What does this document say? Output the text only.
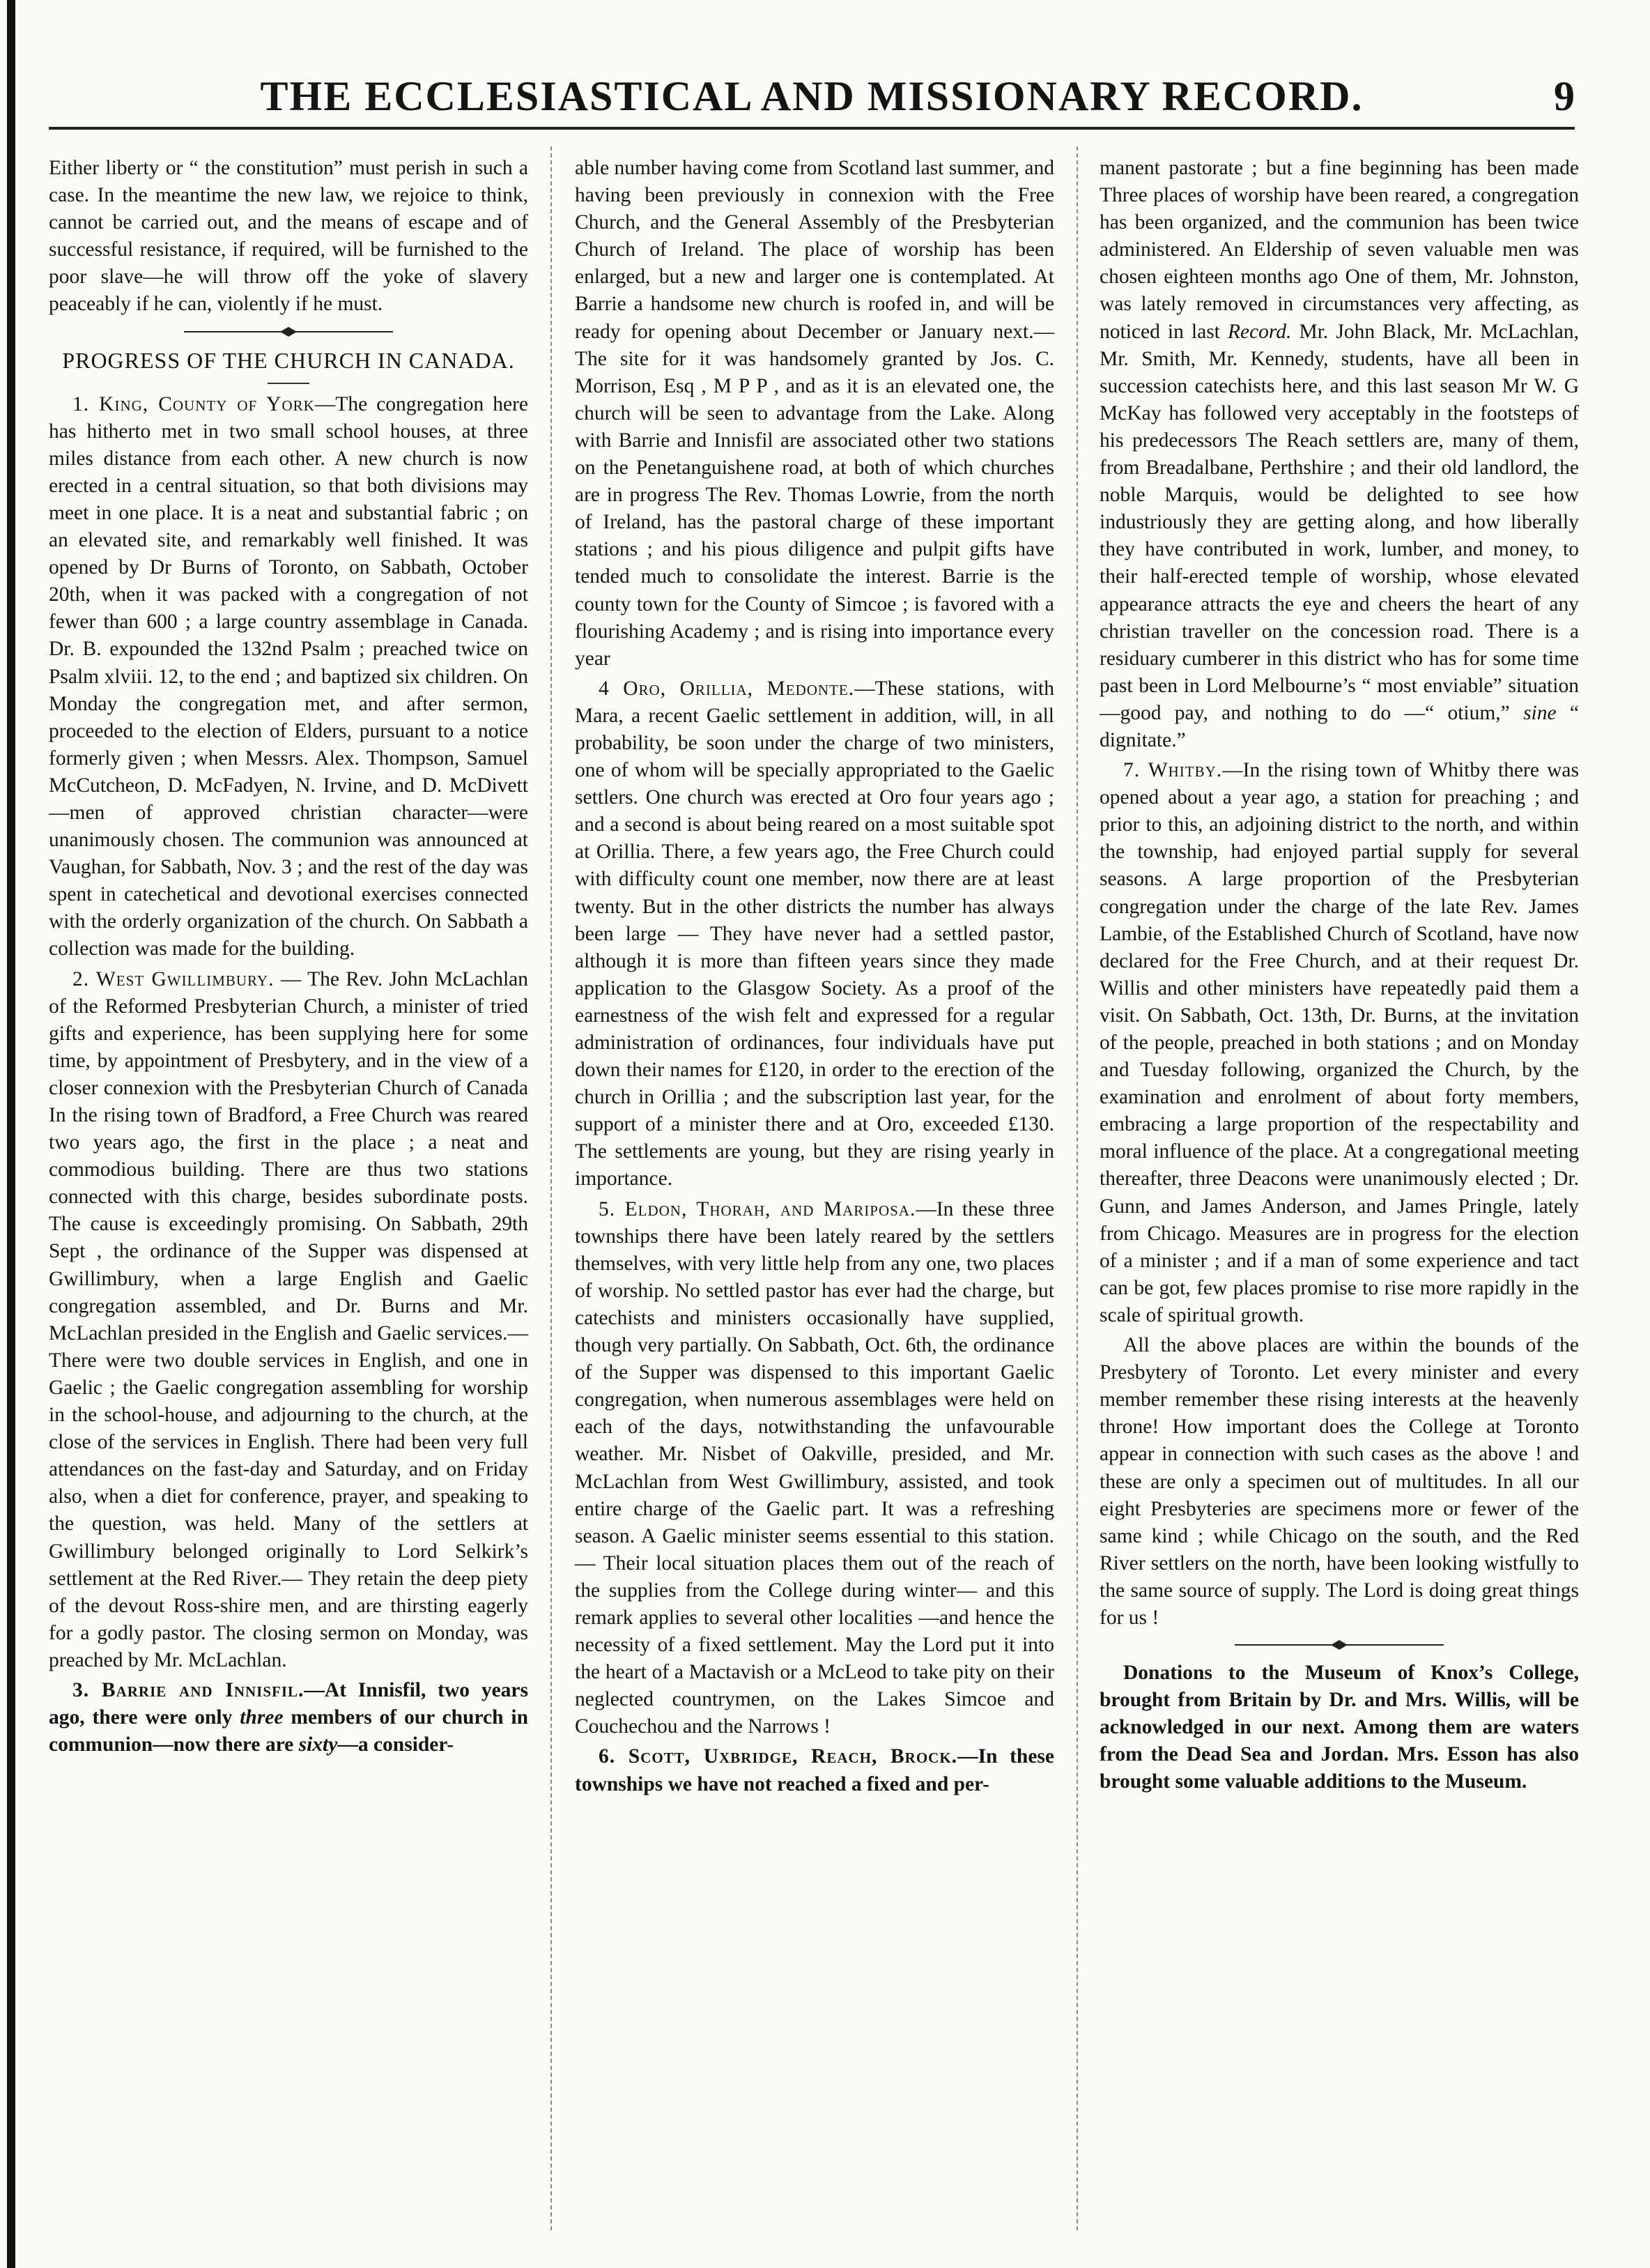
THE ECCLESIASTICAL AND MISSIONARY RECORD.	9

Either liberty or “ the constitution” must perish in such a case. In the meantime the new law, we rejoice to think, cannot be carried out, and the means of escape and of successful resistance, if required, will be furnished to the poor slave—he will throw off the yoke of slavery peaceably if he can, violently if he must.

PROGRESS OF THE CHURCH IN CANADA.

1. King, County of York—The congregation here has hitherto met in two small school houses, at three miles distance from each other. A new church is now erected in a central situation, so that both divisions may meet in one place. It is a neat and substantial fabric ; on an elevated site, and remarkably well finished. It was opened by Dr Burns of Toronto, on Sabbath, October 20th, when it was packed with a congregation of not fewer than 600 ; a large country assemblage in Canada. Dr. B. expounded the 132nd Psalm ; preached twice on Psalm xlviii. 12, to the end ; and baptized six children. On Monday the congregation met, and after sermon, proceeded to the election of Elders, pursuant to a notice formerly given ; when Messrs. Alex. Thompson, Samuel McCutcheon, D. McFadyen, N. Irvine, and D. McDivett—men of approved christian character—were unanimously chosen. The communion was announced at Vaughan, for Sabbath, Nov. 3 ; and the rest of the day was spent in catechetical and devotional exercises connected with the orderly organization of the church. On Sabbath a collection was made for the building.

2. West Gwillimbury. — The Rev. John McLachlan of the Reformed Presbyterian Church, a minister of tried gifts and experience, has been supplying here for some time, by appointment of Presbytery, and in the view of a closer connexion with the Presbyterian Church of Canada In the rising town of Bradford, a Free Church was reared two years ago, the first in the place ; a neat and commodious building. There are thus two stations connected with this charge, besides subordinate posts. The cause is exceedingly promising. On Sabbath, 29th Sept , the ordinance of the Supper was dispensed at Gwillimbury, when a large English and Gaelic congregation assembled, and Dr. Burns and Mr. McLachlan presided in the English and Gaelic services.— There were two double services in English, and one in Gaelic ; the Gaelic congregation assembling for worship in the school-house, and adjourning to the church, at the close of the services in English. There had been very full attendances on the fast-day and Saturday, and on Friday also, when a diet for conference, prayer, and speaking to the question, was held. Many of the settlers at Gwillimbury belonged originally to Lord Selkirk’s settlement at the Red River.— They retain the deep piety of the devout Ross-shire men, and are thirsting eagerly for a godly pastor. The closing sermon on Monday, was preached by Mr. McLachlan.

3. Barrie and Innisfil.—At Innisfil, two years ago, there were only three members of our church in communion—now there are sixty—a consider-

able number having come from Scotland last summer, and having been previously in connexion with the Free Church, and the General Assembly of the Presbyterian Church of Ireland. The place of worship has been enlarged, but a new and larger one is contemplated. At Barrie a handsome new church is roofed in, and will be ready for opening about December or January next.— The site for it was handsomely granted by Jos. C. Morrison, Esq , M P P , and as it is an elevated one, the church will be seen to advantage from the Lake. Along with Barrie and Innisfil are associated other two stations on the Penetanguishene road, at both of which churches are in progress The Rev. Thomas Lowrie, from the north of Ireland, has the pastoral charge of these important stations ; and his pious diligence and pulpit gifts have tended much to consolidate the interest. Barrie is the county town for the County of Simcoe ; is favored with a flourishing Academy ; and is rising into importance every year

4 Oro, Orillia, Medonte.—These stations, with Mara, a recent Gaelic settlement in addition, will, in all probability, be soon under the charge of two ministers, one of whom will be specially appropriated to the Gaelic settlers. One church was erected at Oro four years ago ; and a second is about being reared on a most suitable spot at Orillia. There, a few years ago, the Free Church could with difficulty count one member, now there are at least twenty. But in the other districts the number has always been large — They have never had a settled pastor, although it is more than fifteen years since they made application to the Glasgow Society. As a proof of the earnestness of the wish felt and expressed for a regular administration of ordinances, four individuals have put down their names for £120, in order to the erection of the church in Orillia ; and the subscription last year, for the support of a minister there and at Oro, exceeded £130. The settlements are young, but they are rising yearly in importance.

5. Eldon, Thorah, and Mariposa.—In these three townships there have been lately reared by the settlers themselves, with very little help from any one, two places of worship. No settled pastor has ever had the charge, but catechists and ministers occasionally have supplied, though very partially. On Sabbath, Oct. 6th, the ordinance of the Supper was dispensed to this important Gaelic congregation, when numerous assemblages were held on each of the days, notwithstanding the unfavourable weather. Mr. Nisbet of Oakville, presided, and Mr. McLachlan from West Gwillimbury, assisted, and took entire charge of the Gaelic part. It was a refreshing season. A Gaelic minister seems essential to this station.— Their local situation places them out of the reach of the supplies from the College during winter— and this remark applies to several other localities —and hence the necessity of a fixed settlement. May the Lord put it into the heart of a Mactavish or a McLeod to take pity on their neglected countrymen, on the Lakes Simcoe and Couchechou and the Narrows !

6. Scott, Uxbridge, Reach, Brock.—In these townships we have not reached a fixed and per-

manent pastorate ; but a fine beginning has been made Three places of worship have been reared, a congregation has been organized, and the communion has been twice administered. An Eldership of seven valuable men was chosen eighteen months ago One of them, Mr. Johnston, was lately removed in circumstances very affecting, as noticed in last Record. Mr. John Black, Mr. McLachlan, Mr. Smith, Mr. Kennedy, students, have all been in succession catechists here, and this last season Mr W. G McKay has followed very acceptably in the footsteps of his predecessors The Reach settlers are, many of them, from Breadalbane, Perthshire ; and their old landlord, the noble Marquis, would be delighted to see how industriously they are getting along, and how liberally they have contributed in work, lumber, and money, to their half-erected temple of worship, whose elevated appearance attracts the eye and cheers the heart of any christian traveller on the concession road. There is a residuary cumberer in this district who has for some time past been in Lord Melbourne’s “ most enviable” situation—good pay, and nothing to do —“ otium,” sine “ dignitate.”

7. Whitby.—In the rising town of Whitby there was opened about a year ago, a station for preaching ; and prior to this, an adjoining district to the north, and within the township, had enjoyed partial supply for several seasons. A large proportion of the Presbyterian congregation under the charge of the late Rev. James Lambie, of the Established Church of Scotland, have now declared for the Free Church, and at their request Dr. Willis and other ministers have repeatedly paid them a visit. On Sabbath, Oct. 13th, Dr. Burns, at the invitation of the people, preached in both stations ; and on Monday and Tuesday following, organized the Church, by the examination and enrolment of about forty members, embracing a large proportion of the respectability and moral influence of the place. At a congregational meeting thereafter, three Deacons were unanimously elected ; Dr. Gunn, and James Anderson, and James Pringle, lately from Chicago. Measures are in progress for the election of a minister ; and if a man of some experience and tact can be got, few places promise to rise more rapidly in the scale of spiritual growth.

All the above places are within the bounds of the Presbytery of Toronto. Let every minister and every member remember these rising interests at the heavenly throne! How important does the College at Toronto appear in connection with such cases as the above ! and these are only a specimen out of multitudes. In all our eight Presbyteries are specimens more or fewer of the same kind ; while Chicago on the south, and the Red River settlers on the north, have been looking wistfully to the same source of supply. The Lord is doing great things for us !

Donations to the Museum of Knox’s College, brought from Britain by Dr. and Mrs. Willis, will be acknowledged in our next. Among them are waters from the Dead Sea and Jordan. Mrs. Esson has also brought some valuable additions to the Museum.
